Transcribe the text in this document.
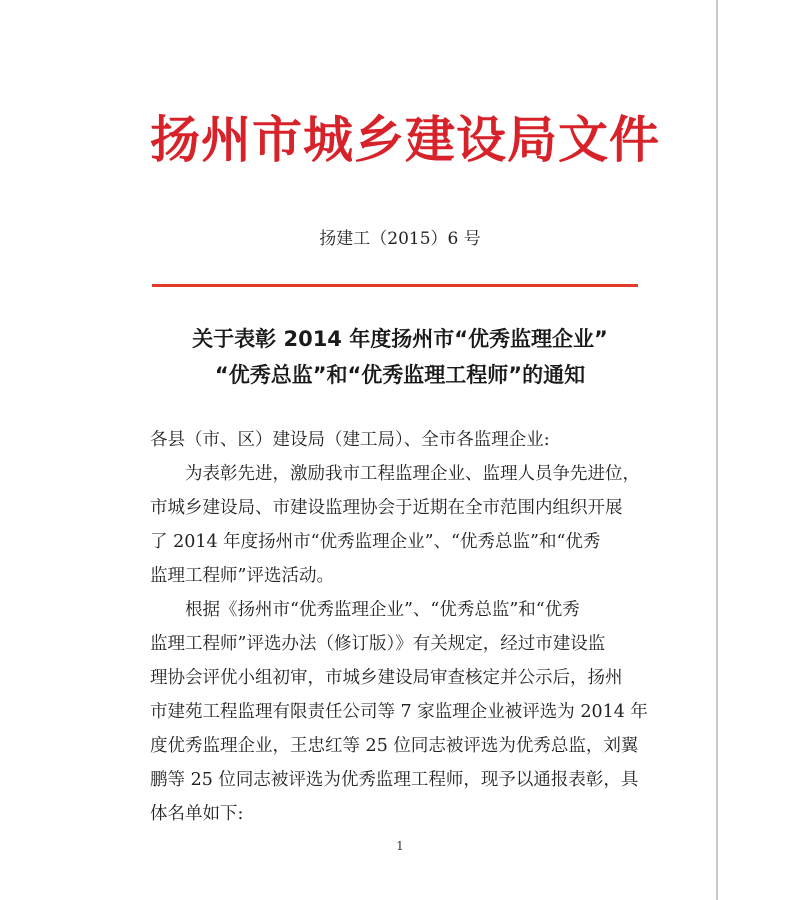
扬州市城乡建设局文件
扬建工（2015）6 号
关于表彰 2014 年度扬州市“优秀监理企业”
“优秀总监”和“优秀监理工程师”的通知
各县（市、区）建设局（建工局）、全市各监理企业:
为表彰先进，激励我市工程监理企业、监理人员争先进位，
市城乡建设局、市建设监理协会于近期在全市范围内组织开展
了 2014 年度扬州市“优秀监理企业”、“优秀总监”和“优秀
监理工程师”评选活动。
根据《扬州市“优秀监理企业”、“优秀总监”和“优秀
监理工程师”评选办法（修订版）》有关规定，经过市建设监
理协会评优小组初审，市城乡建设局审查核定并公示后，扬州
市建苑工程监理有限责任公司等 7 家监理企业被评选为 2014 年
度优秀监理企业，王忠红等 25 位同志被评选为优秀总监，刘翼
鹏等 25 位同志被评选为优秀监理工程师，现予以通报表彰，具
体名单如下:
1
